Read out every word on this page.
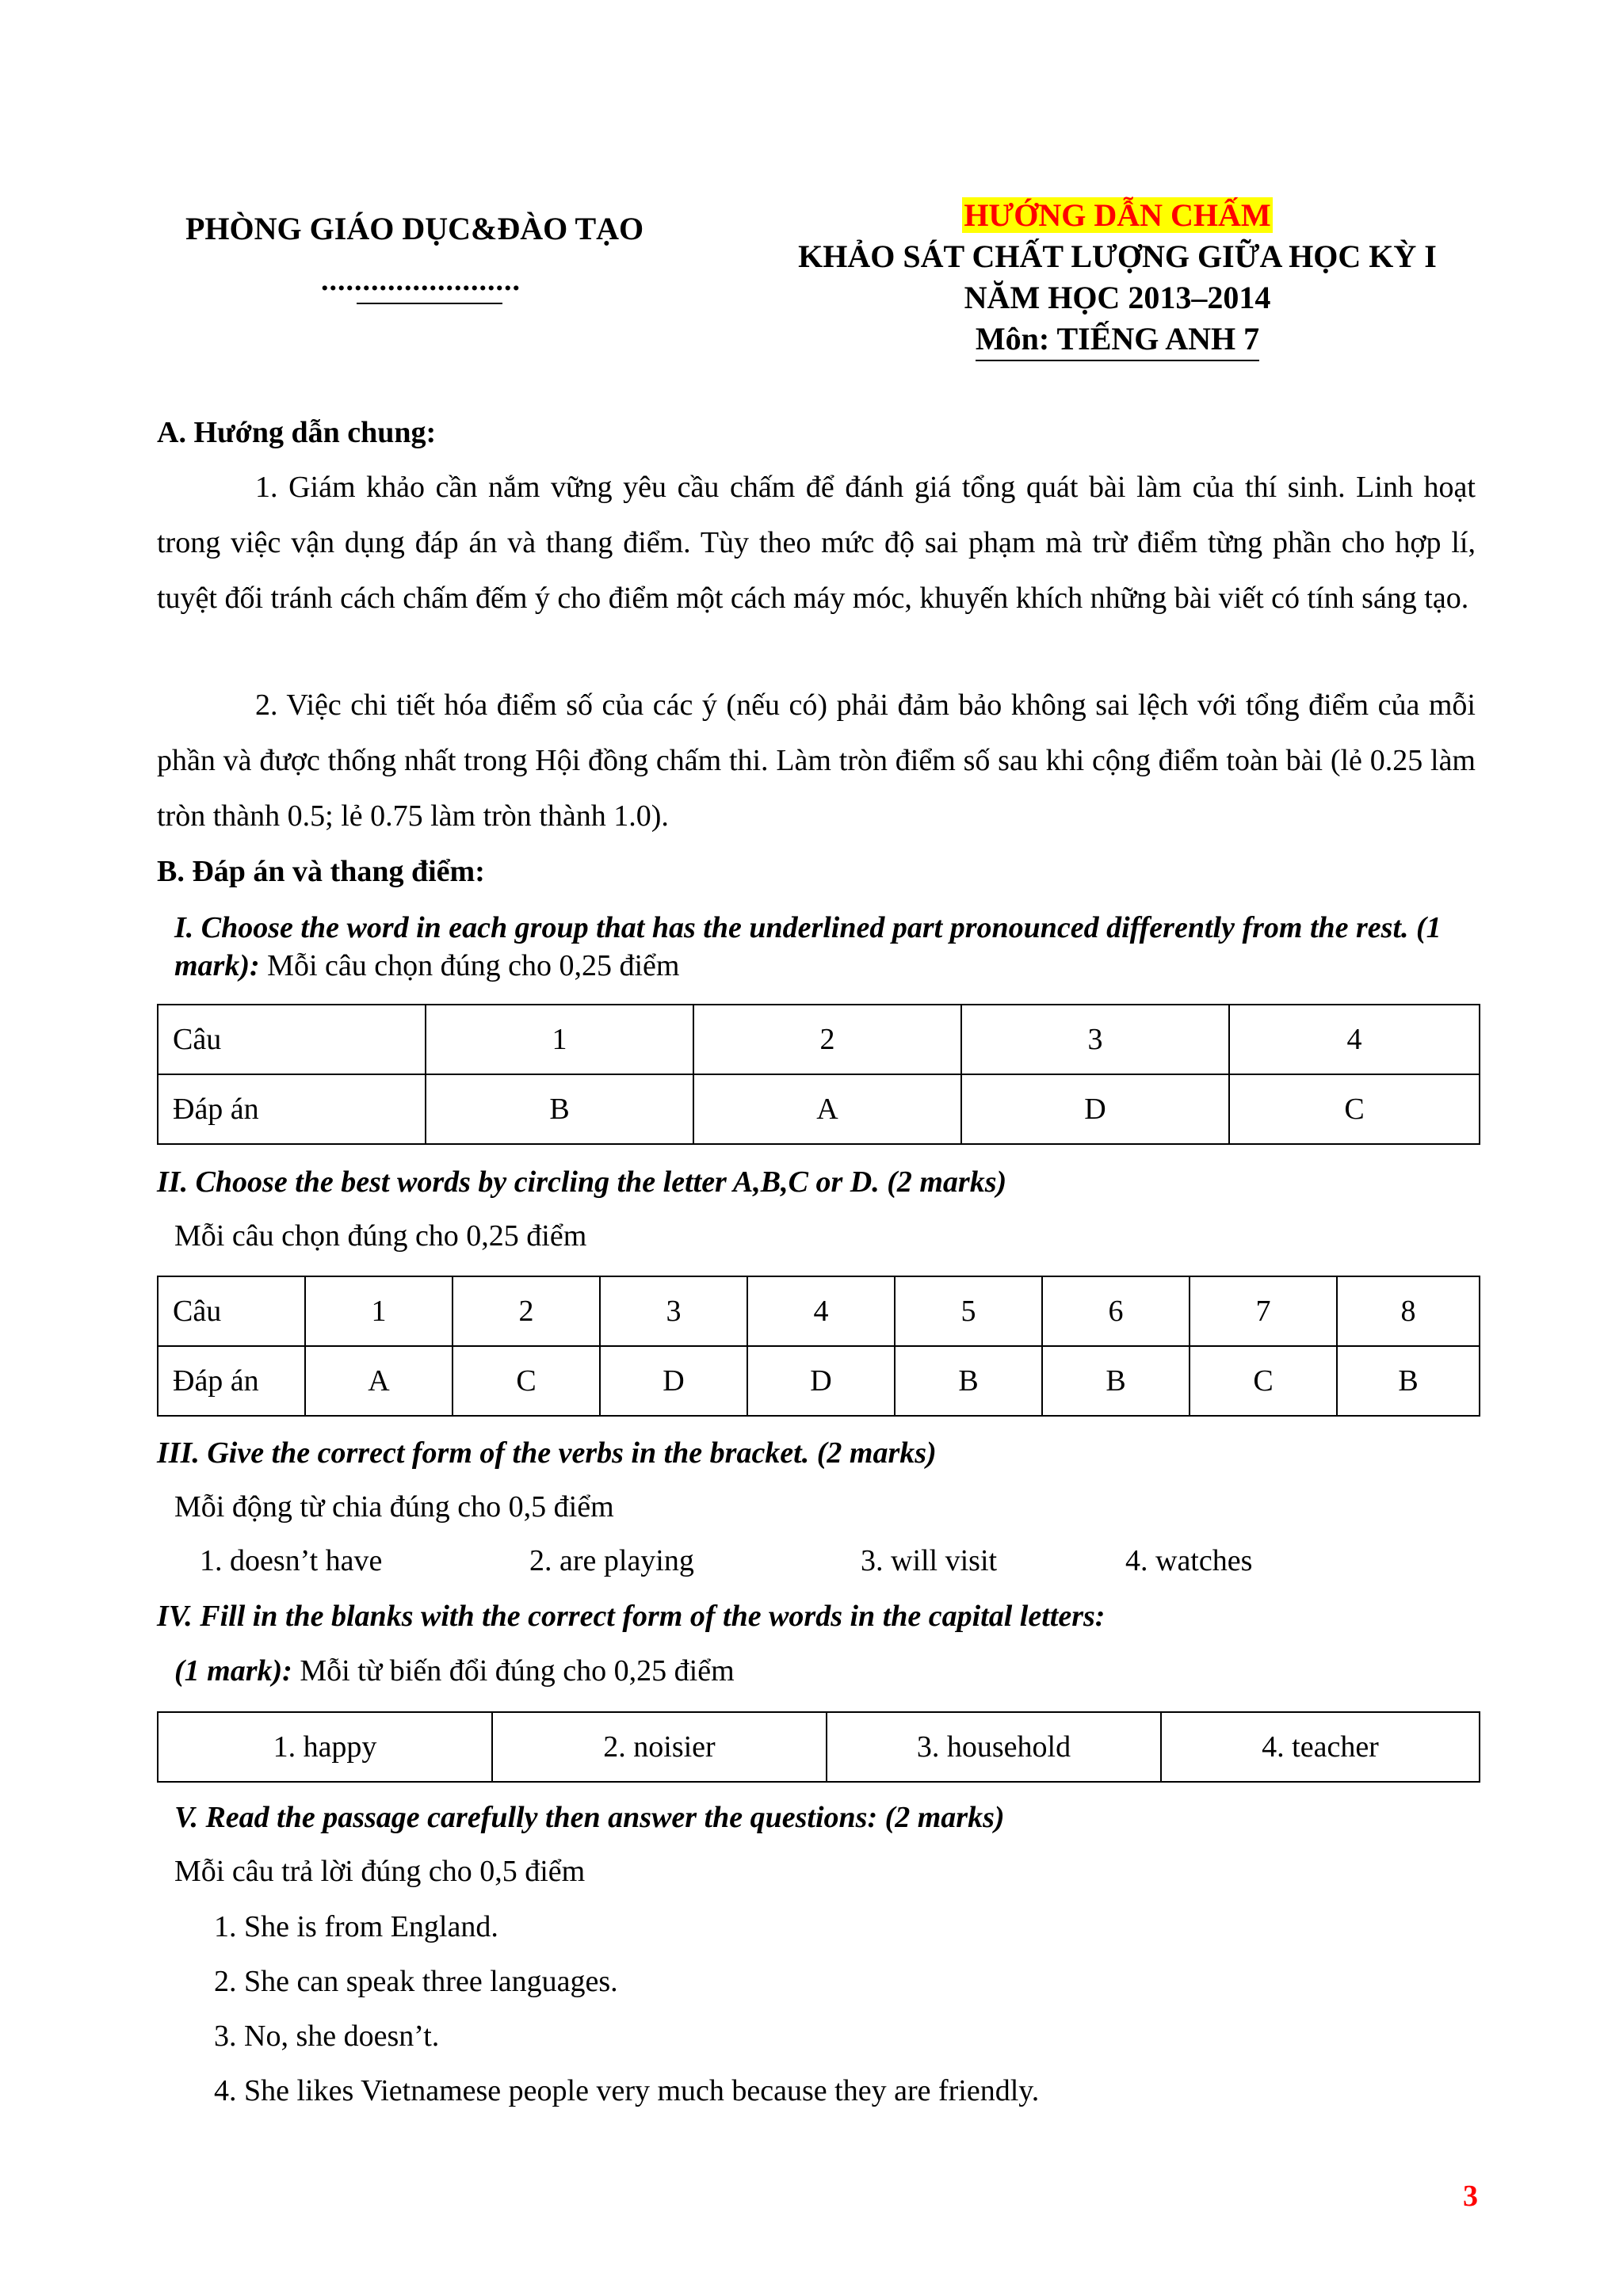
PHÒNG GIÁO DỤC&ĐÀO TẠO
........................
HƯỚNG DẪN CHẤM
KHẢO SÁT CHẤT LƯỢNG GIỮA HỌC KỲ I
NĂM HỌC 2013–2014
Môn: TIẾNG ANH 7
A. Hướng dẫn chung:
1. Giám khảo cần nắm vững yêu cầu chấm để đánh giá tổng quát bài làm của thí sinh. Linh hoạt trong việc vận dụng đáp án và thang điểm. Tùy theo mức độ sai phạm mà trừ điểm từng phần cho hợp lí, tuyệt đối tránh cách chấm đếm ý cho điểm một cách máy móc, khuyến khích những bài viết có tính sáng tạo.
2. Việc chi tiết hóa điểm số của các ý (nếu có) phải đảm bảo không sai lệch với tổng điểm của mỗi phần và được thống nhất trong Hội đồng chấm thi. Làm tròn điểm số sau khi cộng điểm toàn bài (lẻ 0.25 làm tròn thành 0.5; lẻ 0.75 làm tròn thành 1.0).
B. Đáp án và thang điểm:
I. Choose the word in each group that has the underlined part pronounced differently from the rest. (1 mark): Mỗi câu chọn đúng cho 0,25 điểm
Câu	1	2	3	4
Đáp án	B	A	D	C
II. Choose the best words by circling the letter A,B,C or D. (2 marks)
Mỗi câu chọn đúng cho 0,25 điểm
Câu	1	2	3	4	5	6	7	8
Đáp án	A	C	D	D	B	B	C	B
III. Give the correct form of the verbs in the bracket. (2 marks)
Mỗi động từ chia đúng cho 0,5 điểm
1. doesn’t have	2. are playing	3. will visit	4. watches
IV. Fill in the blanks with the correct form of the words in the capital letters:
(1 mark): Mỗi từ biến đổi đúng cho 0,25 điểm
1. happy	2. noisier	3. household	4. teacher
V. Read the passage carefully then answer the questions: (2 marks)
Mỗi câu trả lời đúng cho 0,5 điểm
1. She is from England.
2. She can speak three languages.
3. No, she doesn’t.
4. She likes Vietnamese people very much because they are friendly.
3
